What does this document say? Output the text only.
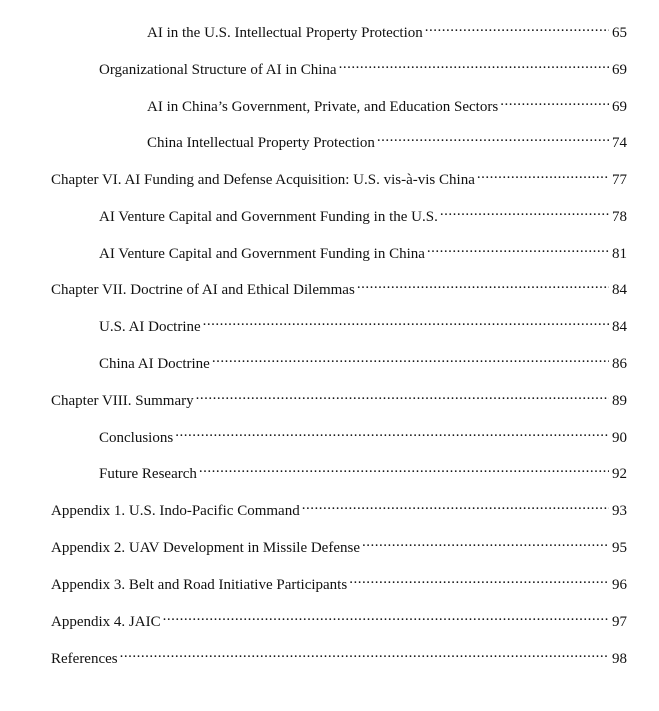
AI in the U.S. Intellectual Property Protection .....	65
Organizational Structure of AI in China .....	69
AI in China’s Government, Private, and Education Sectors .....	69
China Intellectual Property Protection .....	74
Chapter VI. AI Funding and Defense Acquisition: U.S. vis-à-vis China .....	77
AI Venture Capital and Government Funding in the U.S. .....	78
AI Venture Capital and Government Funding in China .....	81
Chapter VII. Doctrine of AI and Ethical Dilemmas .....	84
U.S. AI Doctrine .....	84
China AI Doctrine .....	86
Chapter VIII. Summary .....	89
Conclusions .....	90
Future Research .....	92
Appendix 1. U.S. Indo-Pacific Command .....	93
Appendix 2. UAV Development in Missile Defense .....	95
Appendix 3. Belt and Road Initiative Participants .....	96
Appendix 4. JAIC .....	97
References .....	98
